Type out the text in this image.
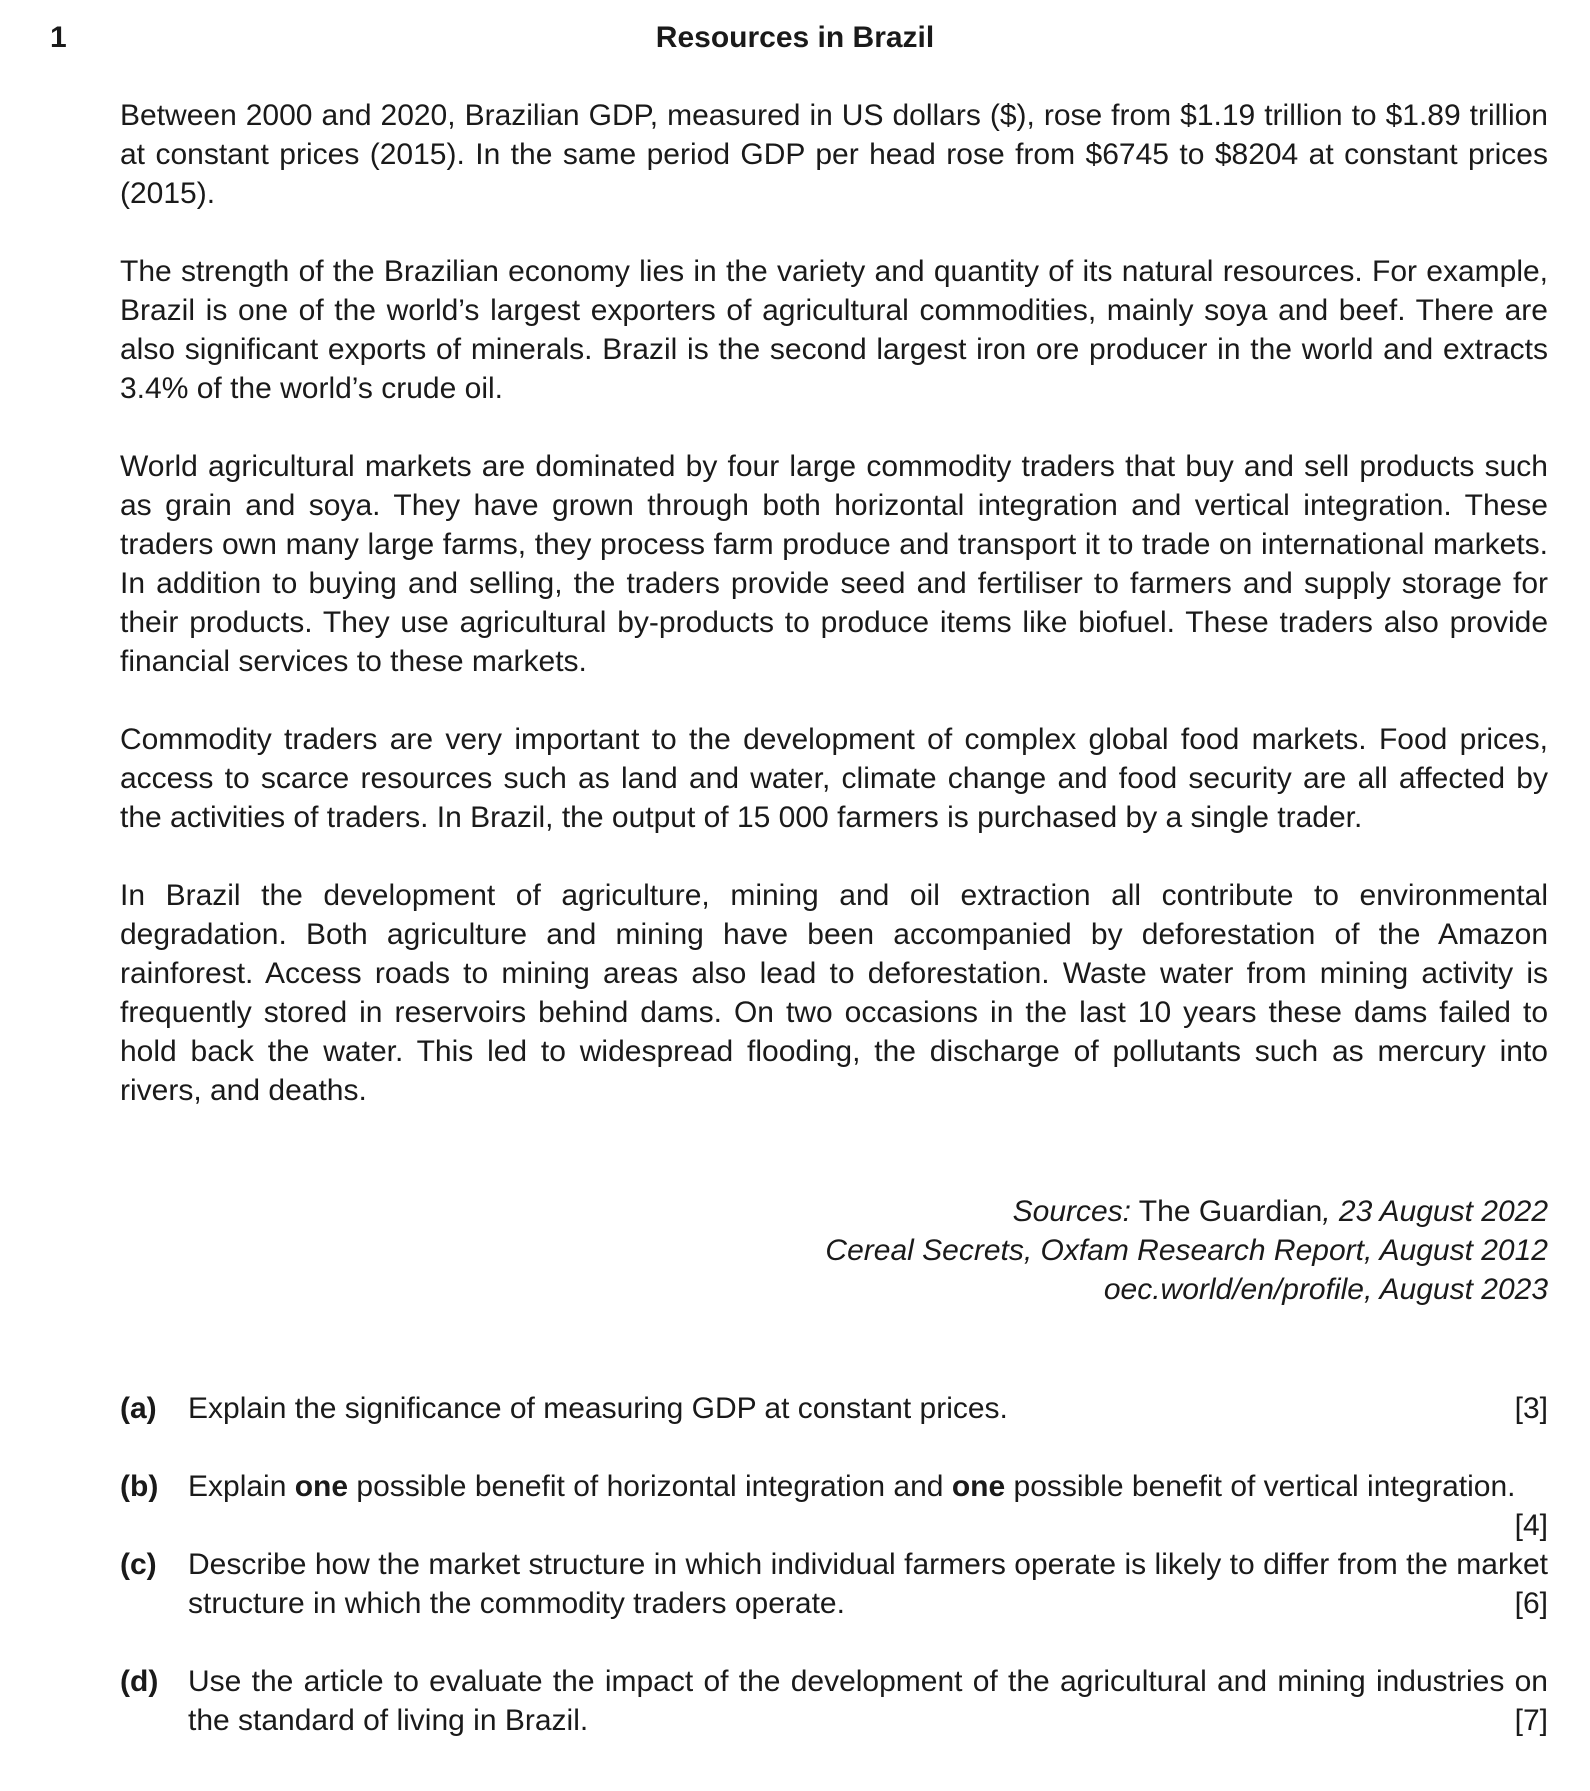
1	Resources in Brazil

Between 2000 and 2020, Brazilian GDP, measured in US dollars ($), rose from $1.19 trillion to $1.89 trillion at constant prices (2015). In the same period GDP per head rose from $6745 to $8204 at constant prices (2015).

The strength of the Brazilian economy lies in the variety and quantity of its natural resources. For example, Brazil is one of the world’s largest exporters of agricultural commodities, mainly soya and beef. There are also significant exports of minerals. Brazil is the second largest iron ore producer in the world and extracts 3.4% of the world’s crude oil.

World agricultural markets are dominated by four large commodity traders that buy and sell products such as grain and soya. They have grown through both horizontal integration and vertical integration. These traders own many large farms, they process farm produce and transport it to trade on international markets. In addition to buying and selling, the traders provide seed and fertiliser to farmers and supply storage for their products. They use agricultural by-products to produce items like biofuel. These traders also provide financial services to these markets.

Commodity traders are very important to the development of complex global food markets. Food prices, access to scarce resources such as land and water, climate change and food security are all affected by the activities of traders. In Brazil, the output of 15 000 farmers is purchased by a single trader.

In Brazil the development of agriculture, mining and oil extraction all contribute to environmental degradation. Both agriculture and mining have been accompanied by deforestation of the Amazon rainforest. Access roads to mining areas also lead to deforestation. Waste water from mining activity is frequently stored in reservoirs behind dams. On two occasions in the last 10 years these dams failed to hold back the water. This led to widespread flooding, the discharge of pollutants such as mercury into rivers, and deaths.

Sources: The Guardian, 23 August 2022
Cereal Secrets, Oxfam Research Report, August 2012
oec.world/en/profile, August 2023
(a)	[3]
Explain the significance of measuring GDP at constant prices.
(b) Explain one possible benefit of horizontal integration and one possible benefit of vertical integration.
[4]
(c) Describe how the market structure in which individual farmers operate is likely to differ from the market structure in which the commodity traders operate.	[6]
(d) Use the article to evaluate the impact of the development of the agricultural and mining industries on the standard of living in Brazil.	[7]
